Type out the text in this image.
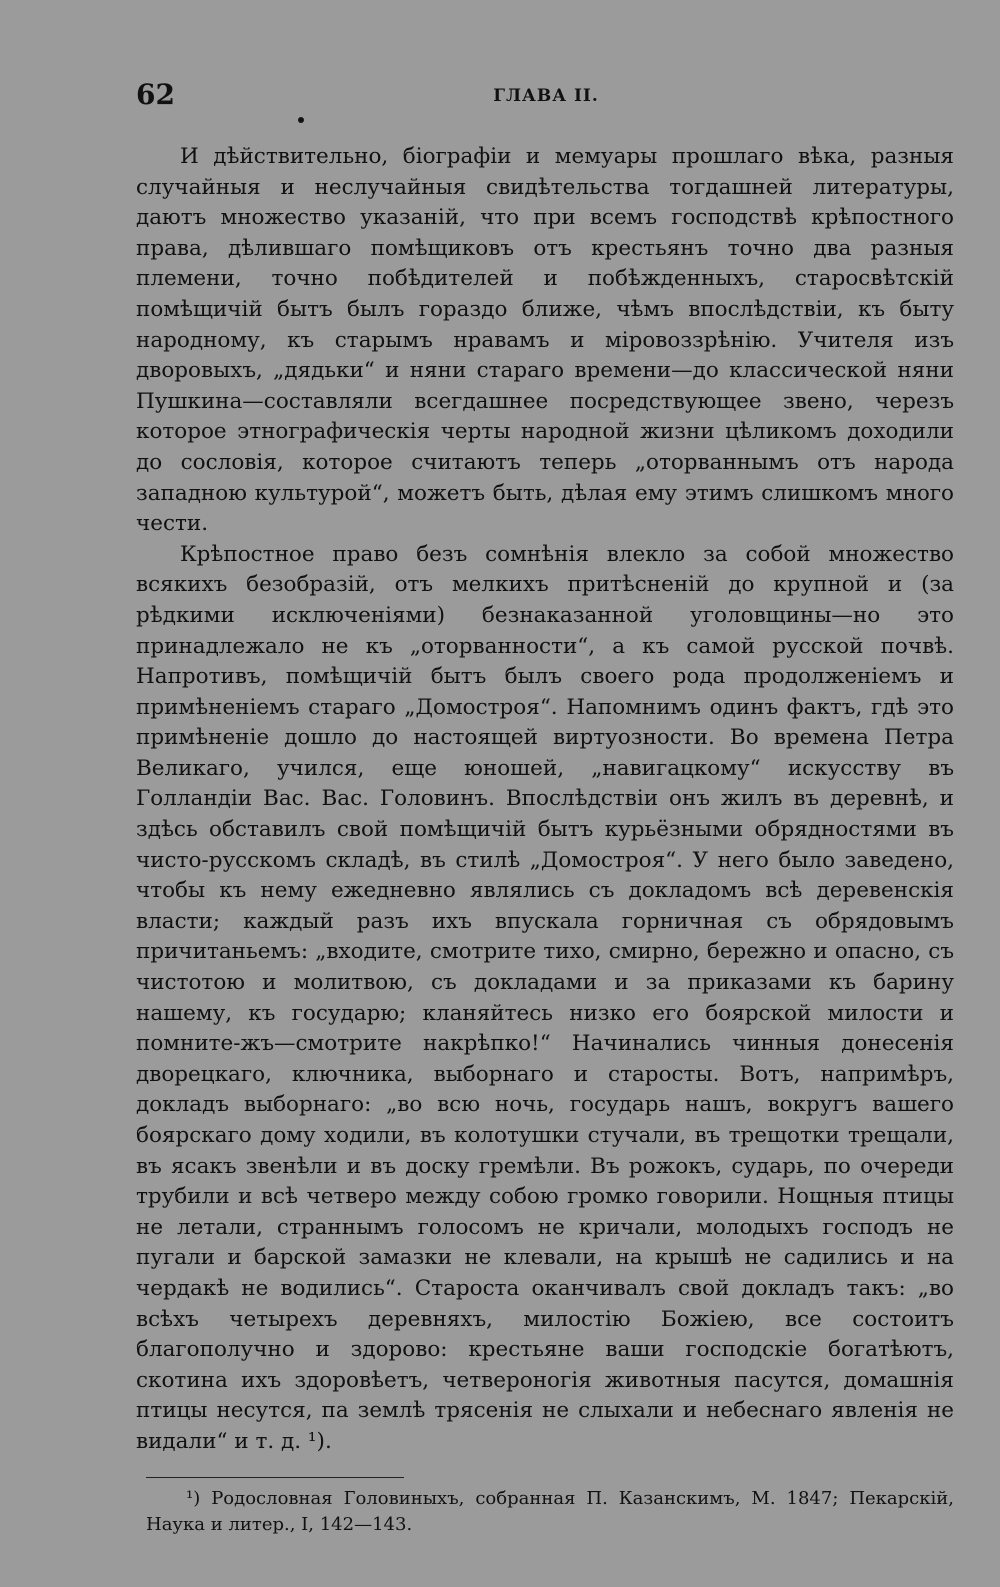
62	ГЛАВА II.

И дѣйствительно, біографіи и мемуары прошлаго вѣка, разныя случайныя и неслучайныя свидѣтельства тогдашней литературы, даютъ множество указаній, что при всемъ господствѣ крѣпостного права, дѣлившаго помѣщиковъ отъ крестьянъ точно два разныя племени, точно побѣдителей и побѣжденныхъ, старосвѣтскій помѣщичій бытъ былъ гораздо ближе, чѣмъ впослѣдствіи, къ быту народному, къ старымъ нравамъ и міровоззрѣнію. Учителя изъ дворовыхъ, „дядьки“ и няни стараго времени—до классической няни Пушкина—составляли всегдашнее посредствующее звено, черезъ которое этнографическія черты народной жизни цѣликомъ доходили до сословія, которое считаютъ теперь „оторваннымъ отъ народа западною культурой“, можетъ быть, дѣлая ему этимъ слишкомъ много чести.

Крѣпостное право безъ сомнѣнія влекло за собой множество всякихъ безобразій, отъ мелкихъ притѣсненій до крупной и (за рѣдкими исключеніями) безнаказанной уголовщины—но это принадлежало не къ „оторванности“, а къ самой русской почвѣ. Напротивъ, помѣщичій бытъ былъ своего рода продолженіемъ и примѣненіемъ стараго „Домостроя“. Напомнимъ одинъ фактъ, гдѣ это примѣненіе дошло до настоящей виртуозности. Во времена Петра Великаго, учился, еще юношей, „навигацкому“ искусству въ Голландіи Вас. Вас. Головинъ. Впослѣдствіи онъ жилъ въ деревнѣ, и здѣсь обставилъ свой помѣщичій бытъ курьёзными обрядностями въ чисто-русскомъ складѣ, въ стилѣ „Домостроя“. У него было заведено, чтобы къ нему ежедневно являлись съ докладомъ всѣ деревенскія власти; каждый разъ ихъ впускала горничная съ обрядовымъ причитаньемъ: „входите, смотрите тихо, смирно, бережно и опасно, съ чистотою и молитвою, съ докладами и за приказами къ барину нашему, къ государю; кланяйтесь низко его боярской милости и помните-жъ—смотрите накрѣпко!“ Начинались чинныя донесенія дворецкаго, ключника, выборнаго и старосты. Вотъ, напримѣръ, докладъ выборнаго: „во всю ночь, государь нашъ, вокругъ вашего боярскаго дому ходили, въ колотушки стучали, въ трещотки трещали, въ ясакъ звенѣли и въ доску гремѣли. Въ рожокъ, сударь, по очереди трубили и всѣ четверо между собою громко говорили. Нощныя птицы не летали, страннымъ голосомъ не кричали, молодыхъ господъ не пугали и барской замазки не клевали, на крышѣ не садились и на чердакѣ не водились“. Староста оканчивалъ свой докладъ такъ: „во всѣхъ четырехъ деревняхъ, милостію Божіею, все состоитъ благополучно и здорово: крестьяне ваши господскіе богатѣютъ, скотина ихъ здоровѣетъ, четвероногія животныя пасутся, домашнія птицы несутся, па землѣ трясенія не слыхали и небеснаго явленія не видали“ и т. д. ¹).

¹) Родословная Головиныхъ, собранная П. Казанскимъ, М. 1847; Пекарскій, Наука и литер., I, 142—143.
